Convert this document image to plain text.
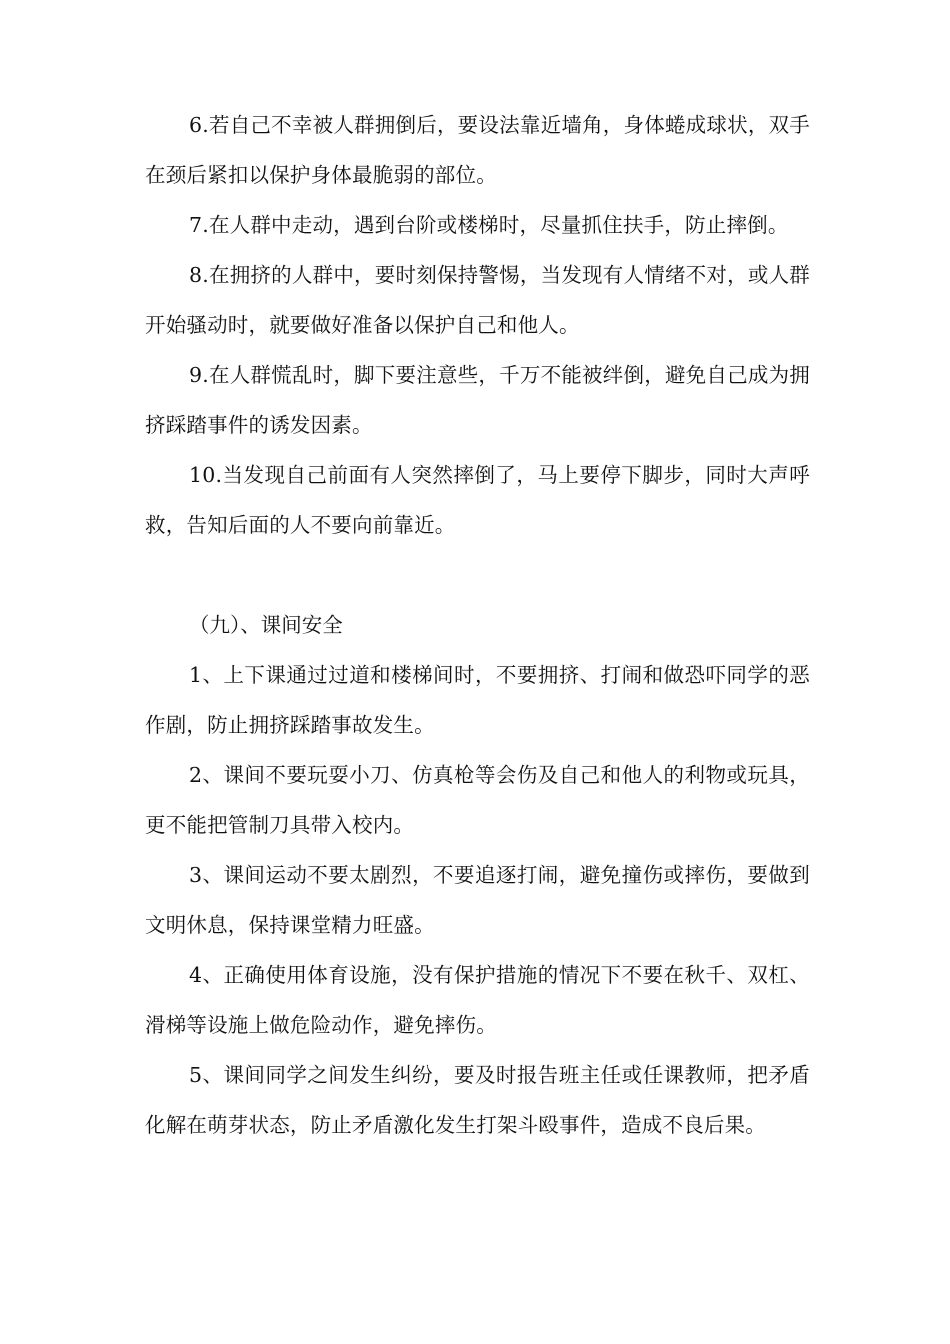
6.若自己不幸被人群拥倒后，要设法靠近墙角，身体蜷成球状，双手在颈后紧扣以保护身体最脆弱的部位。

7.在人群中走动，遇到台阶或楼梯时，尽量抓住扶手，防止摔倒。

8.在拥挤的人群中，要时刻保持警惕，当发现有人情绪不对，或人群开始骚动时，就要做好准备以保护自己和他人。

9.在人群慌乱时，脚下要注意些，千万不能被绊倒，避免自己成为拥挤踩踏事件的诱发因素。

10.当发现自己前面有人突然摔倒了，马上要停下脚步，同时大声呼救，告知后面的人不要向前靠近。

（九）、课间安全

1、上下课通过过道和楼梯间时，不要拥挤、打闹和做恐吓同学的恶作剧，防止拥挤踩踏事故发生。

2、课间不要玩耍小刀、仿真枪等会伤及自己和他人的利物或玩具，更不能把管制刀具带入校内。

3、课间运动不要太剧烈，不要追逐打闹，避免撞伤或摔伤，要做到文明休息，保持课堂精力旺盛。

4、正确使用体育设施，没有保护措施的情况下不要在秋千、双杠、滑梯等设施上做危险动作，避免摔伤。

5、课间同学之间发生纠纷，要及时报告班主任或任课教师，把矛盾化解在萌芽状态，防止矛盾激化发生打架斗殴事件，造成不良后果。
